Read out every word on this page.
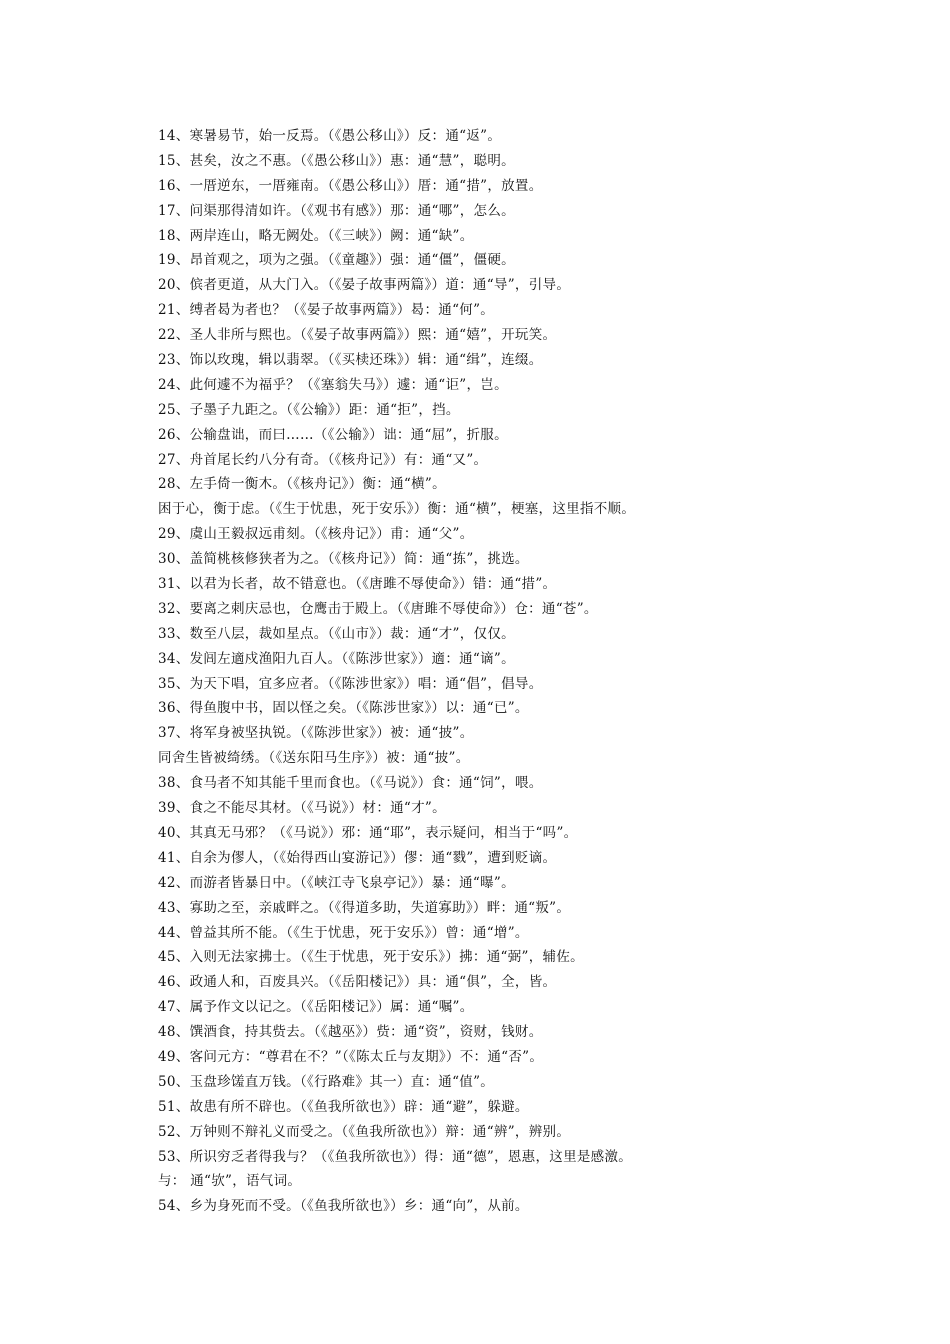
14、寒暑易节，始一反焉。（《愚公移山》）反：通“返”。
15、甚矣，汝之不惠。（《愚公移山》）惠：通“慧”，聪明。
16、一厝逆东，一厝雍南。（《愚公移山》）厝：通“措”，放置。
17、问渠那得清如许。（《观书有感》）那：通“哪”，怎么。
18、两岸连山，略无阙处。（《三峡》）阙：通“缺”。
19、昂首观之，项为之强。（《童趣》）强：通“僵”，僵硬。
20、傧者更道，从大门入。（《晏子故事两篇》）道：通“导”，引导。
21、缚者曷为者也？（《晏子故事两篇》）曷：通“何”。
22、圣人非所与熙也。（《晏子故事两篇》）熙：通“嬉”，开玩笑。
23、饰以玫瑰，辑以翡翠。（《买椟还珠》）辑：通“缉”，连缀。
24、此何遽不为福乎？（《塞翁失马》）遽：通“讵”，岂。
25、子墨子九距之。（《公输》）距：通“拒”，挡。
26、公输盘诎，而曰……（《公输》）诎：通“屈”，折服。
27、舟首尾长约八分有奇。（《核舟记》）有：通“又”。
28、左手倚一衡木。（《核舟记》）衡：通“横”。
困于心，衡于虑。（《生于忧患，死于安乐》）衡：通“横”，梗塞，这里指不顺。
29、虞山王毅叔远甫刻。（《核舟记》）甫：通“父”。
30、盖简桃核修狭者为之。（《核舟记》）简：通“拣”，挑选。
31、以君为长者，故不错意也。（《唐雎不辱使命》）错：通“措”。
32、要离之刺庆忌也，仓鹰击于殿上。（《唐雎不辱使命》）仓：通“苍”。
33、数至八层，裁如星点。（《山市》）裁：通“才”，仅仅。
34、发闾左適戍渔阳九百人。（《陈涉世家》）適：通“谪”。
35、为天下唱，宜多应者。（《陈涉世家》）唱：通“倡”，倡导。
36、得鱼腹中书，固以怪之矣。（《陈涉世家》）以：通“已”。
37、将军身被坚执锐。（《陈涉世家》）被：通“披”。
同舍生皆被绮绣。（《送东阳马生序》）被：通“披”。
38、食马者不知其能千里而食也。（《马说》）食：通“饲”，喂。
39、食之不能尽其材。（《马说》）材：通“才”。
40、其真无马邪？（《马说》）邪：通“耶”，表示疑问，相当于“吗”。
41、自余为僇人，（《始得西山宴游记》）僇：通“戮”，遭到贬谪。
42、而游者皆暴日中。（《峡江寺飞泉亭记》）暴：通“曝”。
43、寡助之至，亲戚畔之。（《得道多助，失道寡助》）畔：通“叛”。
44、曾益其所不能。（《生于忧患，死于安乐》）曾：通“增”。
45、入则无法家拂士。（《生于忧患，死于安乐》）拂：通“弼”，辅佐。
46、政通人和，百废具兴。（《岳阳楼记》）具：通“俱”，全，皆。
47、属予作文以记之。（《岳阳楼记》）属：通“嘱”。
48、馔酒食，持其赀去。（《越巫》）赀：通“资”，资财，钱财。
49、客问元方：“尊君在不？”（《陈太丘与友期》）不：通“否”。
50、玉盘珍馐直万钱。（《行路难》其一）直：通“值”。
51、故患有所不辟也。（《鱼我所欲也》）辟：通“避”，躲避。
52、万钟则不辩礼义而受之。（《鱼我所欲也》）辩：通“辨”，辨别。
53、所识穷乏者得我与？（《鱼我所欲也》）得：通“德”，恩惠，这里是感激。
与： 通“欤”，语气词。
54、乡为身死而不受。（《鱼我所欲也》）乡：通“向”，从前。
